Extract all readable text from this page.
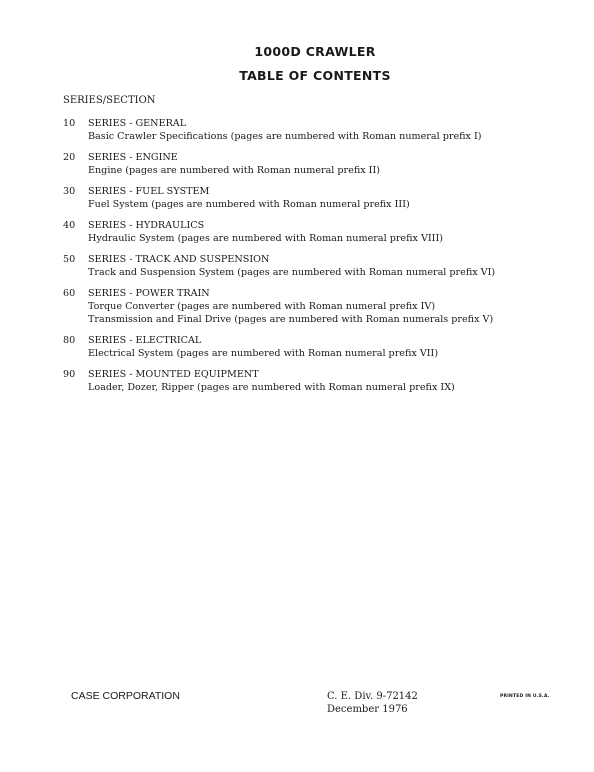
1000D CRAWLER
TABLE OF CONTENTS
SERIES/SECTION
10	SERIES - GENERAL
Basic Crawler Specifications (pages are numbered with Roman numeral prefix I)
20	SERIES - ENGINE
Engine (pages are numbered with Roman numeral prefix II)
30	SERIES - FUEL SYSTEM
Fuel System (pages are numbered with Roman numeral prefix III)
40	SERIES - HYDRAULICS
Hydraulic System (pages are numbered with Roman numeral prefix VIII)
50	SERIES - TRACK AND SUSPENSION
Track and Suspension System (pages are numbered with Roman numeral prefix VI)
60	SERIES - POWER TRAIN
Torque Converter (pages are numbered with Roman numeral prefix IV)
Transmission and Final Drive (pages are numbered with Roman numerals prefix V)
80	SERIES - ELECTRICAL
Electrical System (pages are numbered with Roman numeral prefix VII)
90	SERIES - MOUNTED EQUIPMENT
Loader, Dozer, Ripper (pages are numbered with Roman numeral prefix IX)
CASE CORPORATION	C. E. Div. 9-72142
December 1976
PRINTED IN U.S.A.
